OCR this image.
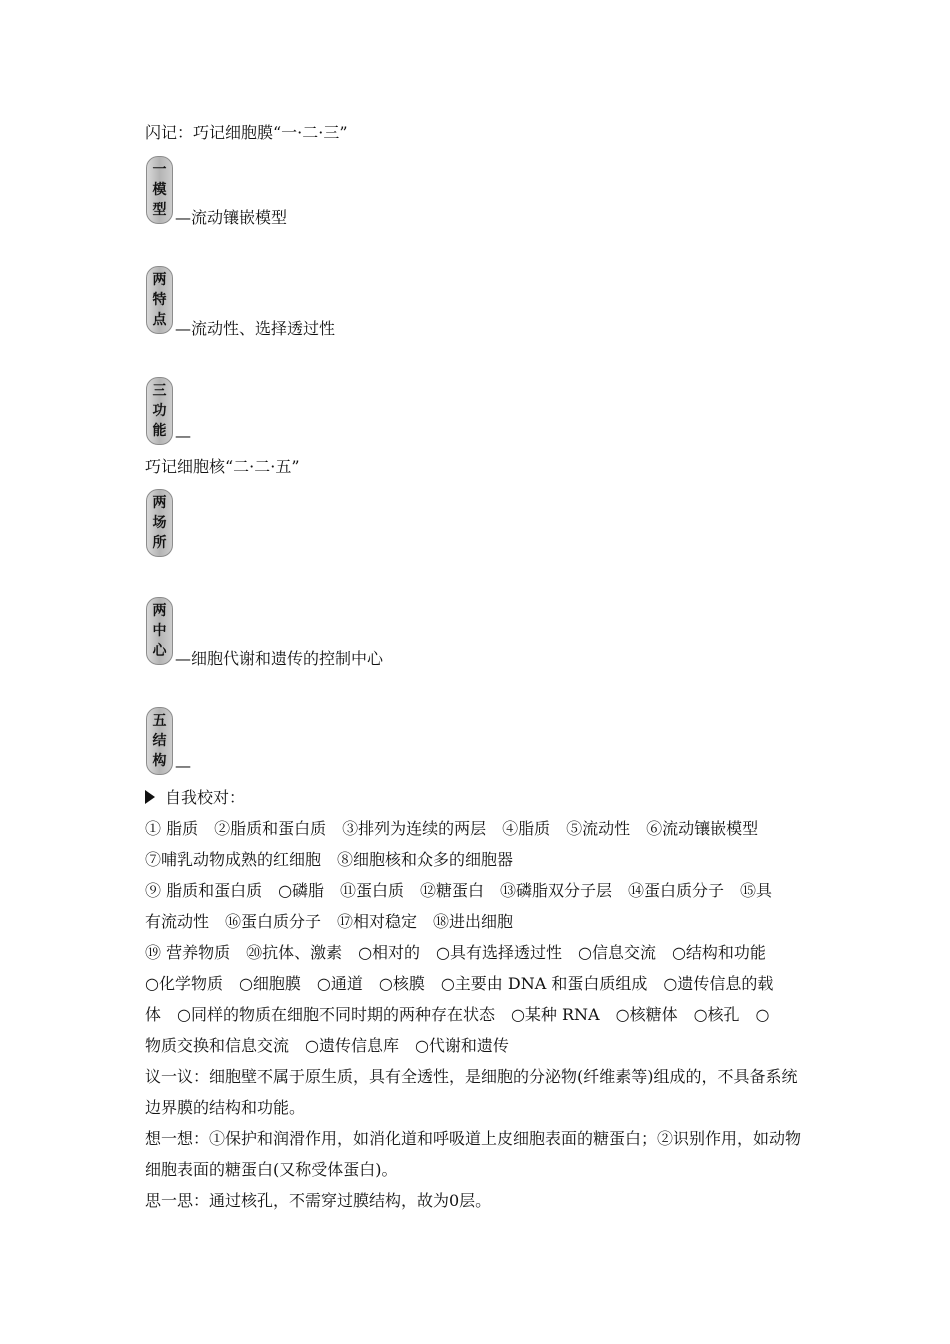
闪记：巧记细胞膜“一·二·三”
一
模
型 —流动镶嵌模型
两
特
点 —流动性、选择透过性
三
功
能 —
巧记细胞核“二·二·五”
两
场
所
两
中
心 —细胞代谢和遗传的控制中心
五
结
构 —
自我校对：
① 脂质　②脂质和蛋白质　③排列为连续的两层　④脂质　⑤流动性　⑥流动镶嵌模型
⑦哺乳动物成熟的红细胞　⑧细胞核和众多的细胞器
⑨ 脂质和蛋白质　○磷脂　⑪蛋白质　⑫糖蛋白　⑬磷脂双分子层　⑭蛋白质分子　⑮具
有流动性　⑯蛋白质分子　⑰相对稳定　⑱进出细胞
⑲ 营养物质　⑳抗体、激素　○相对的　○具有选择透过性　○信息交流　○结构和功能
○化学物质　○细胞膜　○通道　○核膜　○主要由 DNA 和蛋白质组成　○遗传信息的载
体　○同样的物质在细胞不同时期的两种存在状态　○某种 RNA　○核糖体　○核孔　○
物质交换和信息交流　○遗传信息库　○代谢和遗传
议一议：细胞壁不属于原生质，具有全透性，是细胞的分泌物(纤维素等)组成的，不具备系统边界膜的结构和功能。
想一想：①保护和润滑作用，如消化道和呼吸道上皮细胞表面的糖蛋白；②识别作用，如动物细胞表面的糖蛋白(又称受体蛋白)。
思一思：通过核孔，不需穿过膜结构，故为0层。
